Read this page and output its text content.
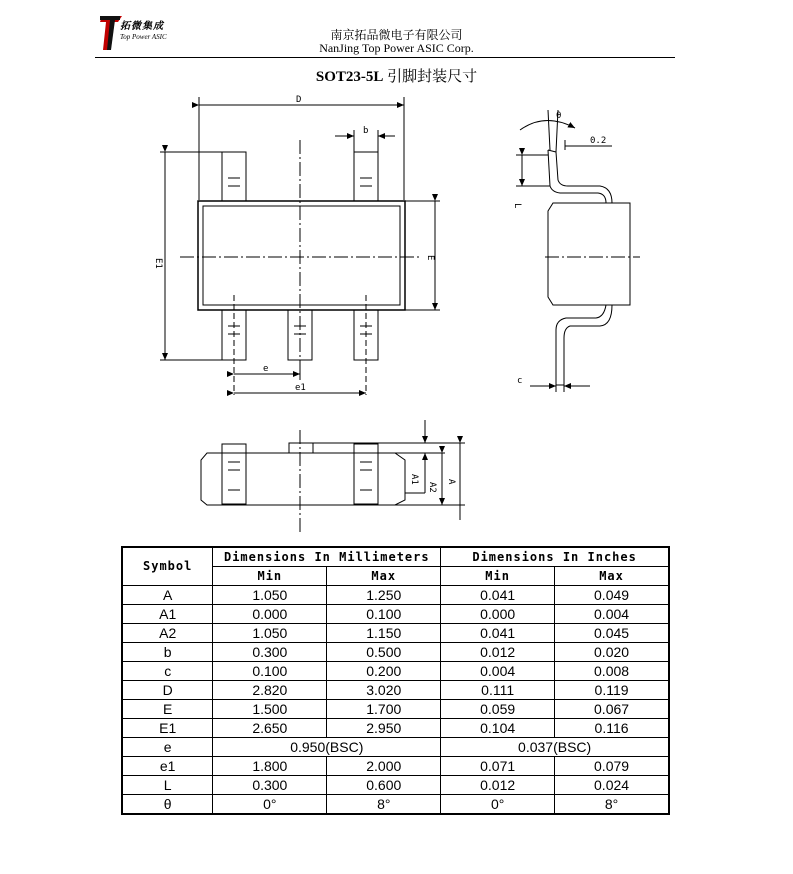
拓微集成
Top Power ASIC	南京拓品微电子有限公司
NanJing Top Power ASIC Corp.
SOT23-5L 引脚封装尺寸
D
b
E1
E
e
e1
θ
0.2
L
c
A1
A2
A
Symbol	Dimensions In Millimeters		Dimensions In Inches	
	Min	Max	Min	Max
A	1.050	1.250	0.041	0.049
A1	0.000	0.100	0.000	0.004
A2	1.050	1.150	0.041	0.045
b	0.300	0.500	0.012	0.020
c	0.100	0.200	0.004	0.008
D	2.820	3.020	0.111	0.119
E	1.500	1.700	0.059	0.067
E1	2.650	2.950	0.104	0.116
e	0.950(BSC)		0.037(BSC)	
e1	1.800	2.000	0.071	0.079
L	0.300	0.600	0.012	0.024
θ	0°	8°	0°	8°
